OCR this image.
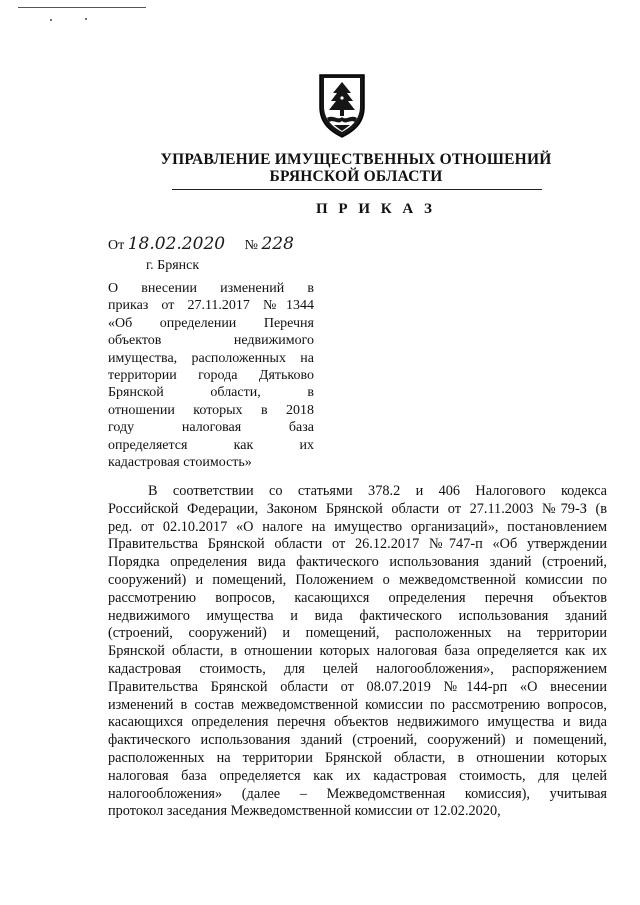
УПРАВЛЕНИЕ ИМУЩЕСТВЕННЫХ ОТНОШЕНИЙ
БРЯНСКОЙ ОБЛАСТИ
П Р И К А З
От 18.02.2020 № 228
г. Брянск
О внесении изменений в
приказ от 27.11.2017 №1344
«Об определении Перечня
объектов недвижимого
имущества, расположенных на
территории города Дятьково
Брянской области, в
отношении которых в 2018
году налоговая база
определяется как их
кадастровая стоимость»
В соответствии со статьями 378.2 и 406 Налогового кодекса
Российской Федерации, Законом Брянской области от 27.11.2003 №79-З (в
ред. от 02.10.2017 «О налоге на имущество организаций», постановлением
Правительства Брянской области от 26.12.2017 №747-п «Об утверждении
Порядка определения вида фактического использования зданий (строений,
сооружений) и помещений, Положением о межведомственной комиссии по
рассмотрению вопросов, касающихся определения перечня объектов
недвижимого имущества и вида фактического использования зданий
(строений, сооружений) и помещений, расположенных на территории
Брянской области, в отношении которых налоговая база определяется как их
кадастровая стоимость, для целей налогообложения», распоряжением
Правительства Брянской области от 08.07.2019 №144-рп «О внесении
изменений в состав межведомственной комиссии по рассмотрению вопросов,
касающихся определения перечня объектов недвижимого имущества и вида
фактического использования зданий (строений, сооружений) и помещений,
расположенных на территории Брянской области, в отношении которых
налоговая база определяется как их кадастровая стоимость, для целей
налогообложения» (далее – Межведомственная комиссия), учитывая
протокол заседания Межведомственной комиссии от 12.02.2020,
